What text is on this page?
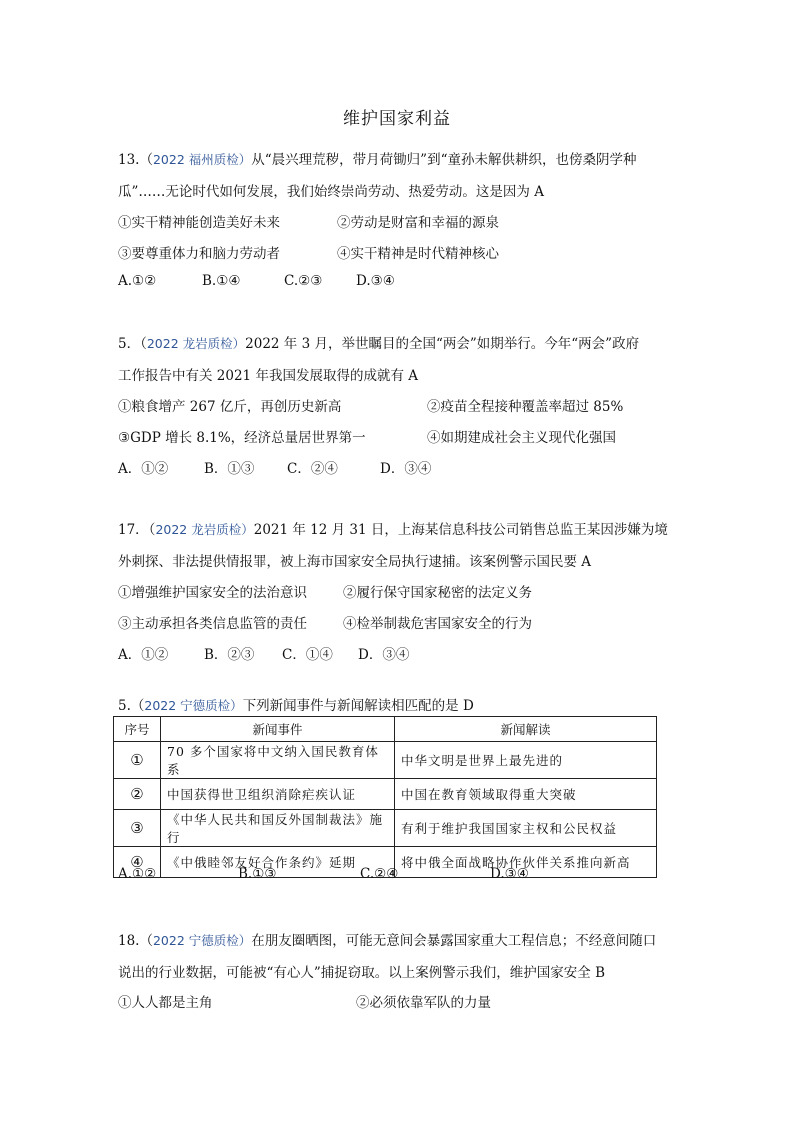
维护国家利益
13.（2022 福州质检）从“晨兴理荒秽，带月荷锄归”到“童孙未解供耕织，也傍桑阴学种
瓜”……无论时代如何发展，我们始终崇尚劳动、热爱劳动。这是因为 A
①实干精神能创造美好未来	②劳动是财富和幸福的源泉
③要尊重体力和脑力劳动者	④实干精神是时代精神核心
A.①②	B.①④	C.②③ D.③④
5．（2022 龙岩质检）2022 年 3 月，举世瞩目的全国“两会”如期举行。今年“两会”政府
工作报告中有关 2021 年我国发展取得的成就有 A
①粮食增产 267 亿斤，再创历史新高	②疫苗全程接种覆盖率超过 85%
③GDP 增长 8.1%，经济总量居世界第一	④如期建成社会主义现代化强国
A．①②	B．①③ C．②④	D．③④
17．（2022 龙岩质检）2021 年 12 月 31 日，上海某信息科技公司销售总监王某因涉嫌为境
外刺探、非法提供情报罪，被上海市国家安全局执行逮捕。该案例警示国民要 A
①增强维护国家安全的法治意识	②履行保守国家秘密的法定义务
③主动承担各类信息监管的责任	④检举制裁危害国家安全的行为
A．①②	B．②③ C．①④ D．③④
5.（2022 宁德质检）下列新闻事件与新闻解读相匹配的是 D
序号	新闻事件	新闻解读
①	70 多个国家将中文纳入国民教育体系	中华文明是世界上最先进的
②	中国获得世卫组织消除疟疾认证	中国在教育领域取得重大突破
③	《中华人民共和国反外国制裁法》施行	有利于维护我国国家主权和公民权益
④	《中俄睦邻友好合作条约》延期	将中俄全面战略协作伙伴关系推向新高
A.①②	B.①③	C.②④	D.③④
18.（2022 宁德质检）在朋友圈晒图，可能无意间会暴露国家重大工程信息；不经意间随口
说出的行业数据，可能被“有心人”捕捉窃取。以上案例警示我们，维护国家安全 B
①人人都是主角	②必须依靠军队的力量
